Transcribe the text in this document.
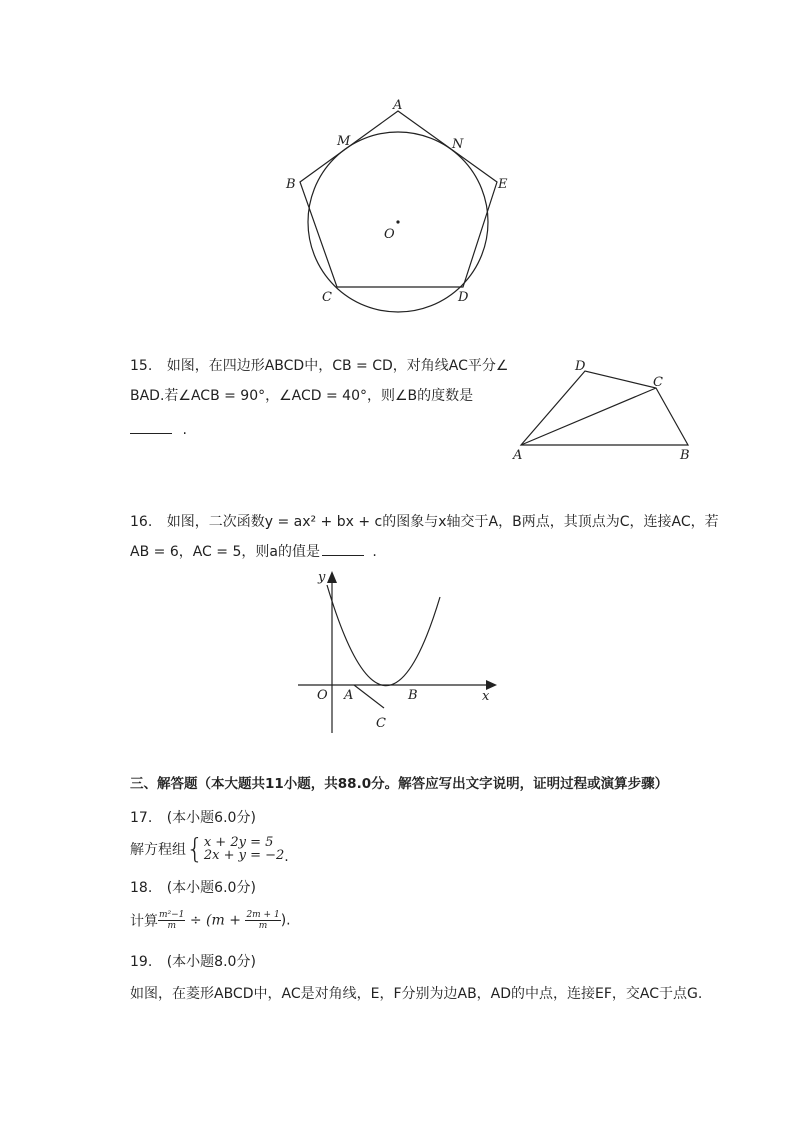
A
M	N
B	E
O
C	D
15. 如图，在四边形ABCD中，CB = CD，对角线AC平分∠
BAD.若∠ACB = 90°，∠ACD = 40°，则∠B的度数是
.
D
C
A	B
16. 如图，二次函数y = ax² + bx + c的图象与x轴交于A，B两点，其顶点为C，连接AC，若
AB = 6，AC = 5，则a的值是	.
y
x
O A	B
C
三、解答题（本大题共11小题，共88.0分。解答应写出文字说明，证明过程或演算步骤）
17. (本小题6.0分)
解方程组{ x + 2y = 5
2x + y = −2 .
18. (本小题6.0分)
计算 $\frac{\text{m²−1}}{m} \div (m + \frac{2m + 1}{m}$ ).
19. (本小题8.0分)
如图，在菱形ABCD中，AC是对角线，E，F分别为边AB，AD的中点，连接EF，交AC于点G.
